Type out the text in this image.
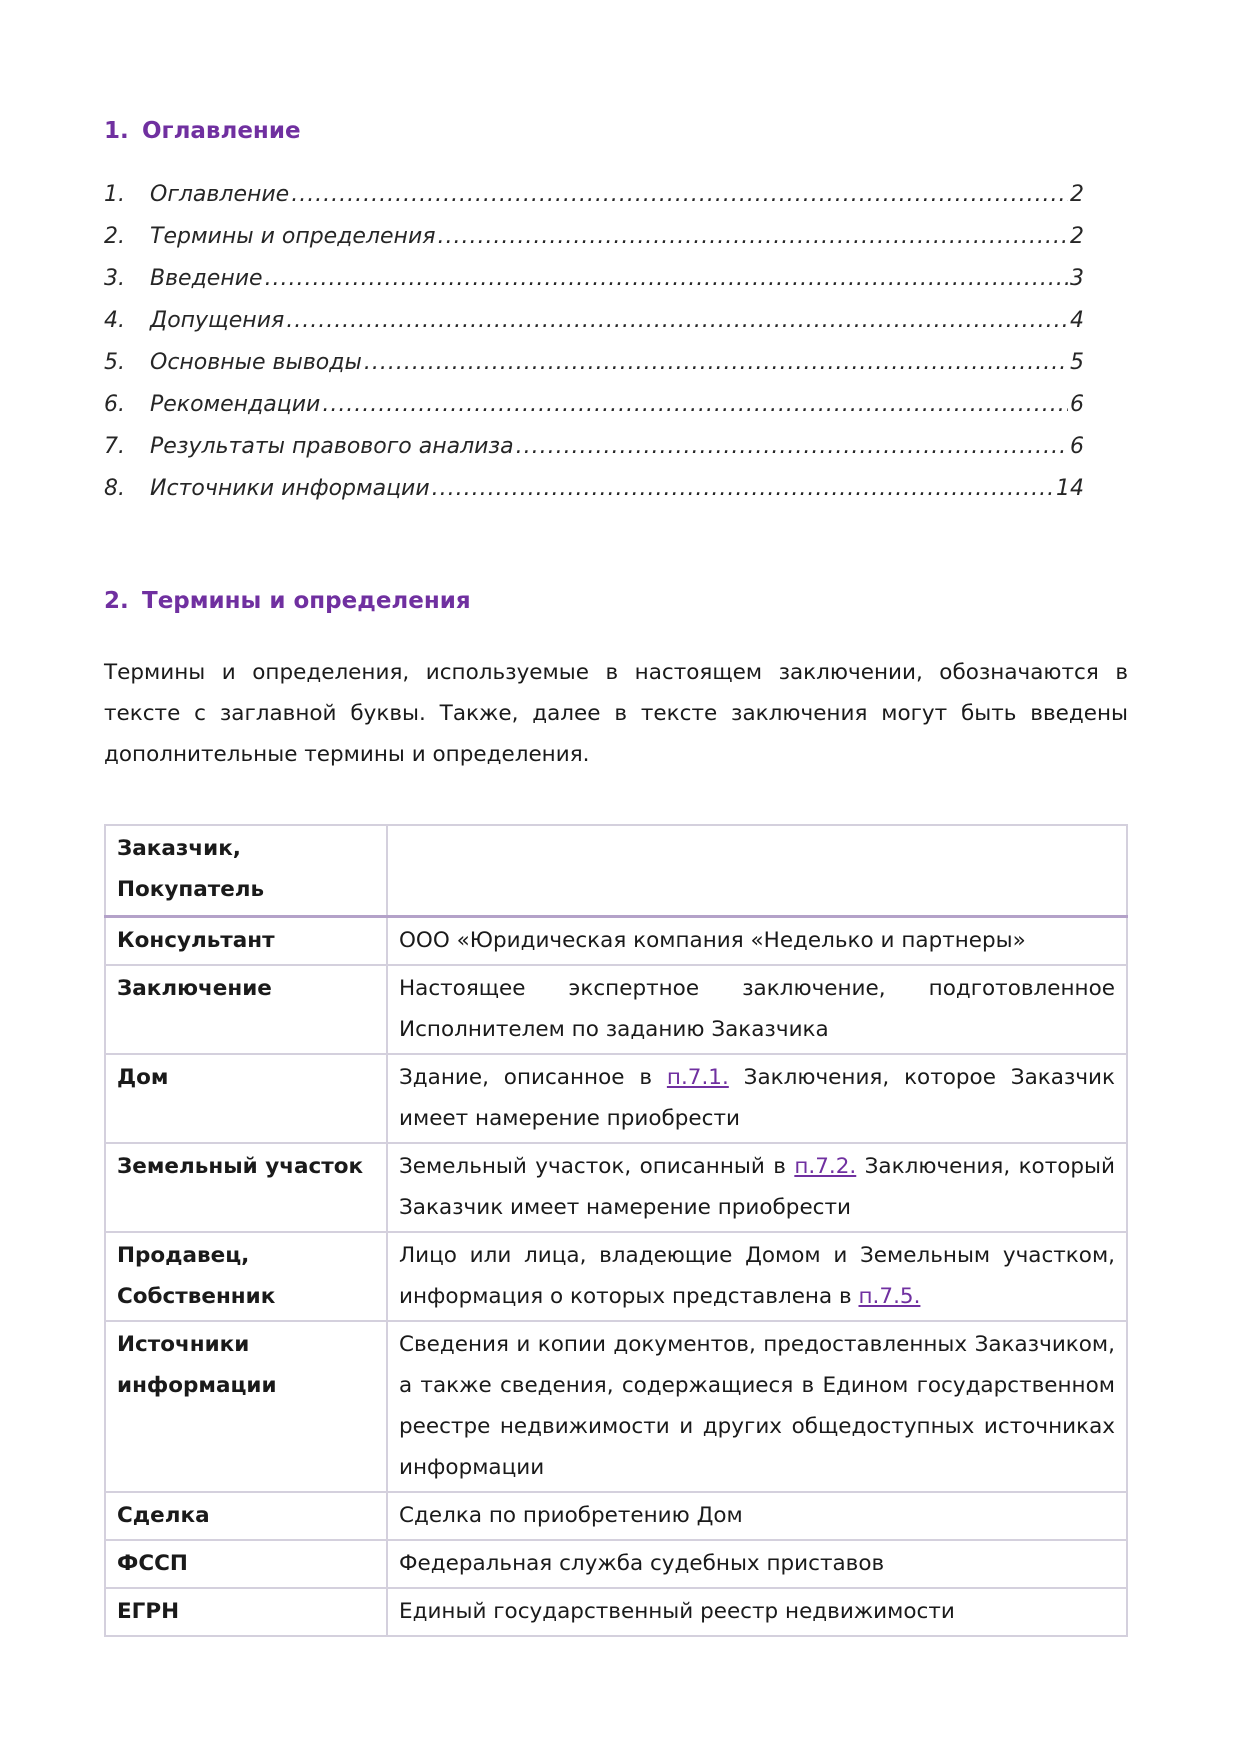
1. Оглавление
1.	Оглавление .....	2
2.	Термины и определения .....	2
3.	Введение .....	3
4.	Допущения .....	4
5.	Основные выводы .....	5
6.	Рекомендации .....	6
7.	Результаты правового анализа .....	6
8.	Источники информации .....	14
2. Термины и определения

Термины и определения, используемые в настоящем заключении, обозначаются в тексте с заглавной буквы. Также, далее в тексте заключения могут быть введены дополнительные термины и определения.

Заказчик, Покупатель	
Консультант	ООО «Юридическая компания «Неделько и партнеры»
Заключение	Настоящее экспертное заключение, подготовленное Исполнителем по заданию Заказчика
Дом	Здание, описанное в п.7.1. Заключения, которое Заказчик имеет намерение приобрести
Земельный участок	Земельный участок, описанный в п.7.2. Заключения, который Заказчик имеет намерение приобрести
Продавец, Собственник	Лицо или лица, владеющие Домом и Земельным участком, информация о которых представлена в п.7.5.
Источники информации	Сведения и копии документов, предоставленных Заказчиком, а также сведения, содержащиеся в Едином государственном реестре недвижимости и других общедоступных источниках информации
Сделка	Сделка по приобретению Дом
ФССП	Федеральная служба судебных приставов
ЕГРН	Единый государственный реестр недвижимости
